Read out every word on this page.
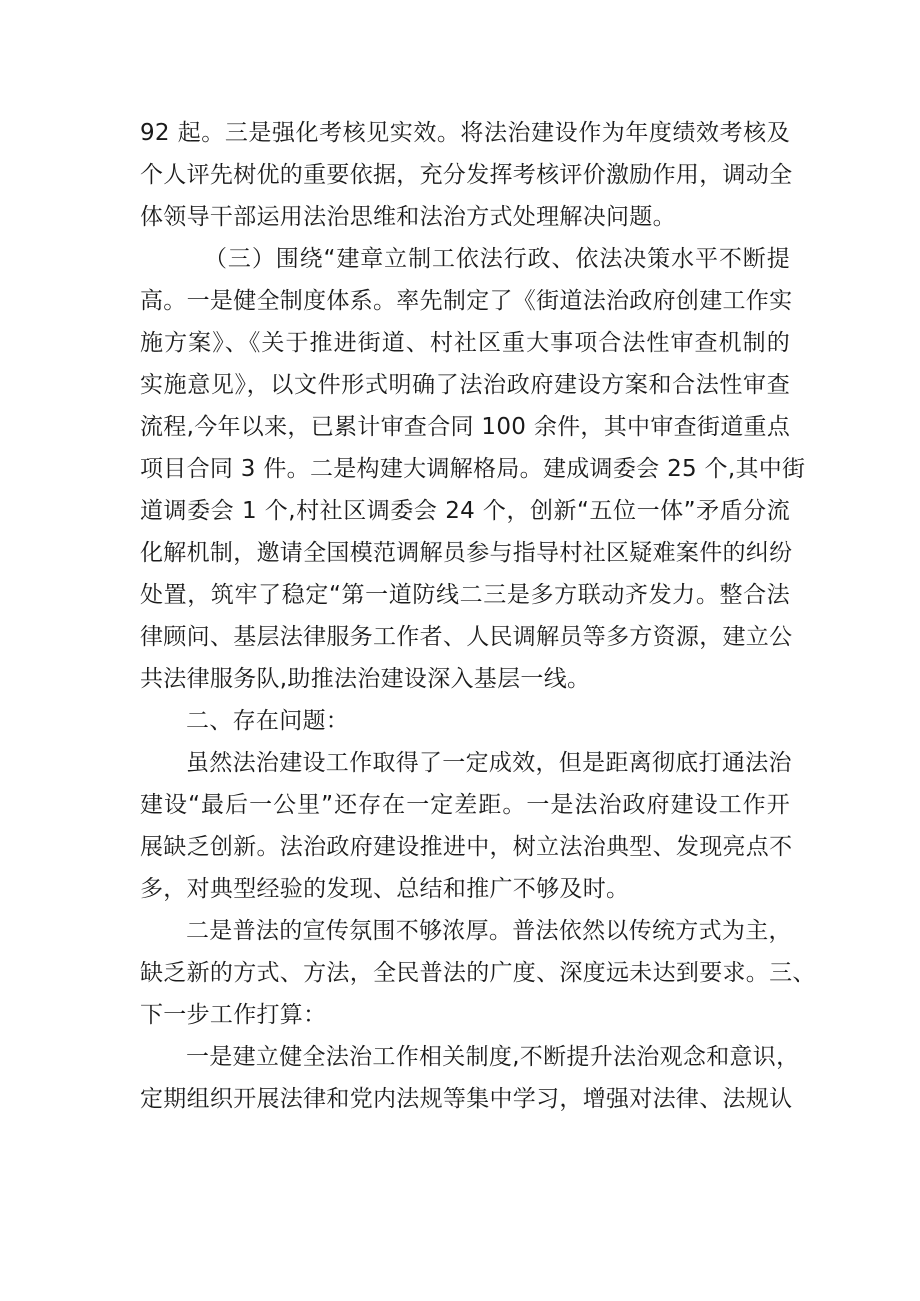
92 起。三是强化考核见实效。将法治建设作为年度绩效考核及
个人评先树优的重要依据，充分发挥考核评价激励作用，调动全
体领导干部运用法治思维和法治方式处理解决问题。
（三）围绕“建章立制工依法行政、依法决策水平不断提
高。一是健全制度体系。率先制定了《街道法治政府创建工作实
施方案》、《关于推进街道、村社区重大事项合法性审查机制的
实施意见》，以文件形式明确了法治政府建设方案和合法性审查
流程,今年以来，已累计审查合同 100 余件，其中审查街道重点
项目合同 3 件。二是构建大调解格局。建成调委会 25 个,其中街
道调委会 1 个,村社区调委会 24 个，创新“五位一体”矛盾分流
化解机制，邀请全国模范调解员参与指导村社区疑难案件的纠纷
处置，筑牢了稳定“第一道防线二三是多方联动齐发力。整合法
律顾问、基层法律服务工作者、人民调解员等多方资源，建立公
共法律服务队,助推法治建设深入基层一线。
二、存在问题：
虽然法治建设工作取得了一定成效，但是距离彻底打通法治
建设“最后一公里”还存在一定差距。一是法治政府建设工作开
展缺乏创新。法治政府建设推进中，树立法治典型、发现亮点不
多，对典型经验的发现、总结和推广不够及时。
二是普法的宣传氛围不够浓厚。普法依然以传统方式为主，
缺乏新的方式、方法，全民普法的广度、深度远未达到要求。三、
下一步工作打算：
一是建立健全法治工作相关制度,不断提升法治观念和意识，
定期组织开展法律和党内法规等集中学习，增强对法律、法规认
